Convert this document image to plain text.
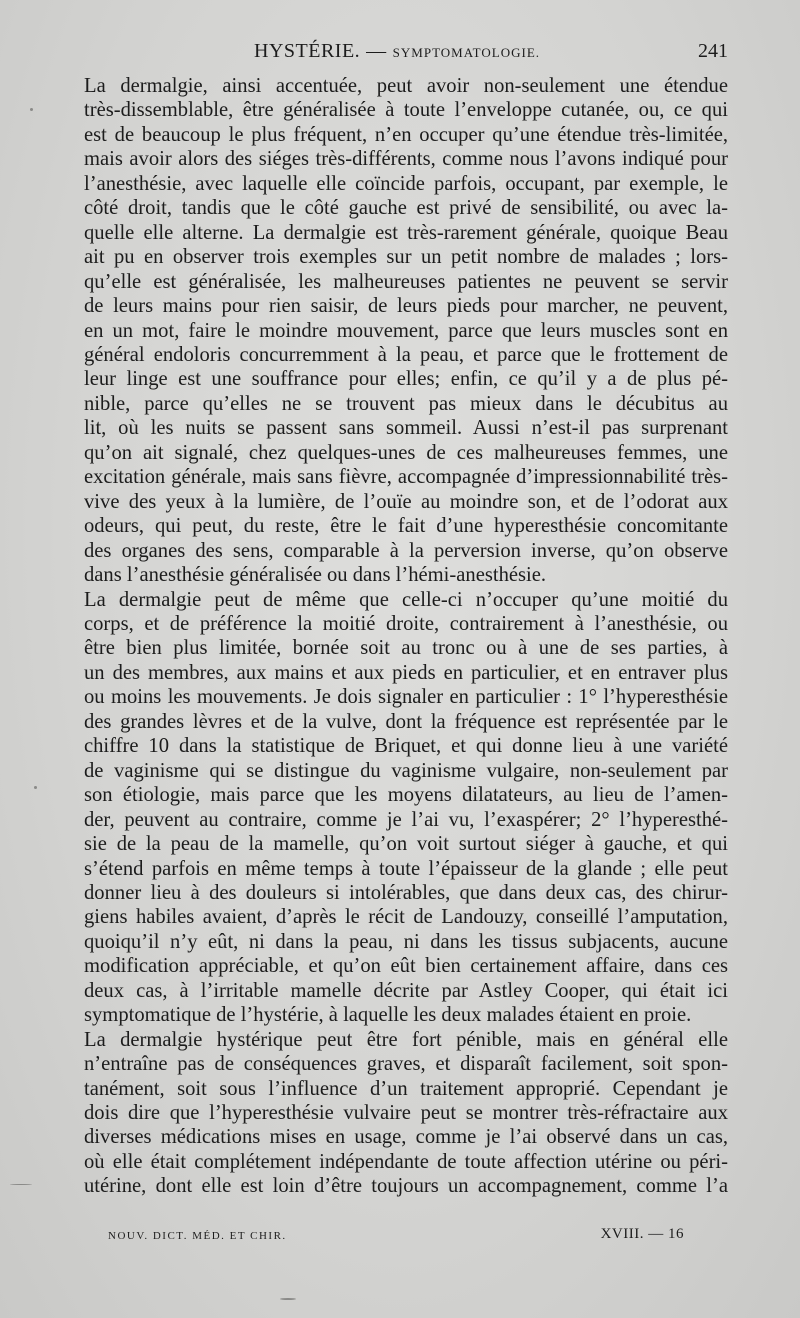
HYSTÉRIE. — SYMPTOMATOLOGIE.	241
La dermalgie, ainsi accentuée, peut avoir non-seulement une étendue
très-dissemblable, être généralisée à toute l’enveloppe cutanée, ou, ce qui
est de beaucoup le plus fréquent, n’en occuper qu’une étendue très-limitée,
mais avoir alors des siéges très-différents, comme nous l’avons indiqué pour
l’anesthésie, avec laquelle elle coïncide parfois, occupant, par exemple, le
côté droit, tandis que le côté gauche est privé de sensibilité, ou avec la-
quelle elle alterne. La dermalgie est très-rarement générale, quoique Beau
ait pu en observer trois exemples sur un petit nombre de malades ; lors-
qu’elle est généralisée, les malheureuses patientes ne peuvent se servir
de leurs mains pour rien saisir, de leurs pieds pour marcher, ne peuvent,
en un mot, faire le moindre mouvement, parce que leurs muscles sont en
général endoloris concurremment à la peau, et parce que le frottement de
leur linge est une souffrance pour elles; enfin, ce qu’il y a de plus pé-
nible, parce qu’elles ne se trouvent pas mieux dans le décubitus au
lit, où les nuits se passent sans sommeil. Aussi n’est-il pas surprenant
qu’on ait signalé, chez quelques-unes de ces malheureuses femmes, une
excitation générale, mais sans fièvre, accompagnée d’impressionnabilité très-
vive des yeux à la lumière, de l’ouïe au moindre son, et de l’odorat aux
odeurs, qui peut, du reste, être le fait d’une hyperesthésie concomitante
des organes des sens, comparable à la perversion inverse, qu’on observe
dans l’anesthésie généralisée ou dans l’hémi-anesthésie.
La dermalgie peut de même que celle-ci n’occuper qu’une moitié du
corps, et de préférence la moitié droite, contrairement à l’anesthésie, ou
être bien plus limitée, bornée soit au tronc ou à une de ses parties, à
un des membres, aux mains et aux pieds en particulier, et en entraver plus
ou moins les mouvements. Je dois signaler en particulier : 1° l’hyperesthésie
des grandes lèvres et de la vulve, dont la fréquence est représentée par le
chiffre 10 dans la statistique de Briquet, et qui donne lieu à une variété
de vaginisme qui se distingue du vaginisme vulgaire, non-seulement par
son étiologie, mais parce que les moyens dilatateurs, au lieu de l’amen-
der, peuvent au contraire, comme je l’ai vu, l’exaspérer; 2° l’hyperesthé-
sie de la peau de la mamelle, qu’on voit surtout siéger à gauche, et qui
s’étend parfois en même temps à toute l’épaisseur de la glande ; elle peut
donner lieu à des douleurs si intolérables, que dans deux cas, des chirur-
giens habiles avaient, d’après le récit de Landouzy, conseillé l’amputation,
quoiqu’il n’y eût, ni dans la peau, ni dans les tissus subjacents, aucune
modification appréciable, et qu’on eût bien certainement affaire, dans ces
deux cas, à l’irritable mamelle décrite par Astley Cooper, qui était ici
symptomatique de l’hystérie, à laquelle les deux malades étaient en proie.
La dermalgie hystérique peut être fort pénible, mais en général elle
n’entraîne pas de conséquences graves, et disparaît facilement, soit spon-
tanément, soit sous l’influence d’un traitement approprié. Cependant je
dois dire que l’hyperesthésie vulvaire peut se montrer très-réfractaire aux
diverses médications mises en usage, comme je l’ai observé dans un cas,
où elle était complétement indépendante de toute affection utérine ou péri-
utérine, dont elle est loin d’être toujours un accompagnement, comme l’a
NOUV. DICT. MÉD. ET CHIR.	XVIII. — 16
